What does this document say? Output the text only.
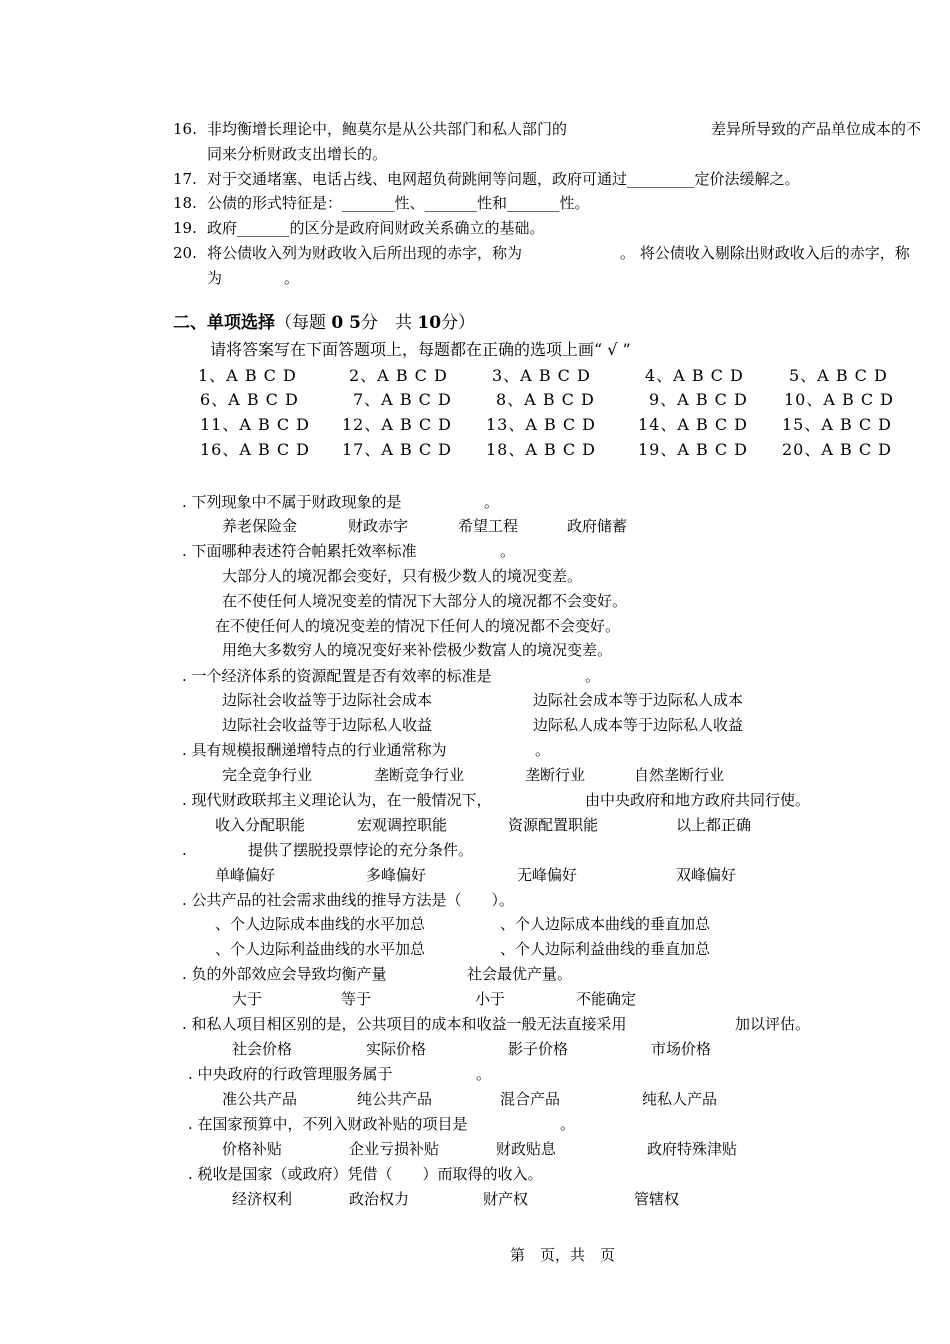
16. 非均衡增长理论中，鲍莫尔是从公共部门和私人部门的	差异所导致的产品单位成本的不
同来分析财政支出增长的。
17. 对于交通堵塞、电话占线、电网超负荷跳闸等问题，政府可通过_________定价法缓解之。
18. 公债的形式特征是：_______性、_______性和_______性。
19. 政府_______的区分是政府间财政关系确立的基础。
20. 将公债收入列为财政收入后所出现的赤字，称为	。 将公债收入剔除出财政收入后的赤字，称
为	。
二、单项选择（每题 0 5分　共 10分）
请将答案写在下面答题项上，每题都在正确的选项上画“ √ ”
1、A B C D	2、A B C D	3、A B C D	4、A B C D	5、A B C D
6、A B C D	7、A B C D	8、A B C D	9、A B C D 10、A B C D
11、A B C D 12、A B C D 13、A B C D	14、A B C D 15、A B C D
16、A B C D 17、A B C D 18、A B C D	19、A B C D 20、A B C D
. 下列现象中不属于财政现象的是	。
养老保险金	财政赤字	希望工程	政府储蓄
. 下面哪种表述符合帕累托效率标准	。
大部分人的境况都会变好，只有极少数人的境况变差。
在不使任何人境况变差的情况下大部分人的境况都不会变好。
在不使任何人的境况变差的情况下任何人的境况都不会变好。
用绝大多数穷人的境况变好来补偿极少数富人的境况变差。
. 一个经济体系的资源配置是否有效率的标准是	。
边际社会收益等于边际社会成本	边际社会成本等于边际私人成本
边际社会收益等于边际私人收益	边际私人成本等于边际私人收益
. 具有规模报酬递增特点的行业通常称为	。
完全竞争行业	垄断竞争行业	垄断行业	自然垄断行业
. 现代财政联邦主义理论认为，在一般情况下，	由中央政府和地方政府共同行使。
收入分配职能	宏观调控职能	资源配置职能	以上都正确
.	提供了摆脱投票悖论的充分条件。
单峰偏好	多峰偏好	无峰偏好	双峰偏好
. 公共产品的社会需求曲线的推导方法是（　　）。
、个人边际成本曲线的水平加总	、个人边际成本曲线的垂直加总
、个人边际利益曲线的水平加总	、个人边际利益曲线的垂直加总
. 负的外部效应会导致均衡产量	社会最优产量。
大于	等于	小于	不能确定
. 和私人项目相区别的是，公共项目的成本和收益一般无法直接采用	加以评估。
社会价格	实际价格	影子价格	市场价格
. 中央政府的行政管理服务属于	。
准公共产品	纯公共产品	混合产品	纯私人产品
. 在国家预算中，不列入财政补贴的项目是	。
价格补贴	企业亏损补贴	财政贴息	政府特殊津贴
. 税收是国家（或政府）凭借（　　）而取得的收入。
经济权利	政治权力	财产权	管辖权
第　页，共　页
